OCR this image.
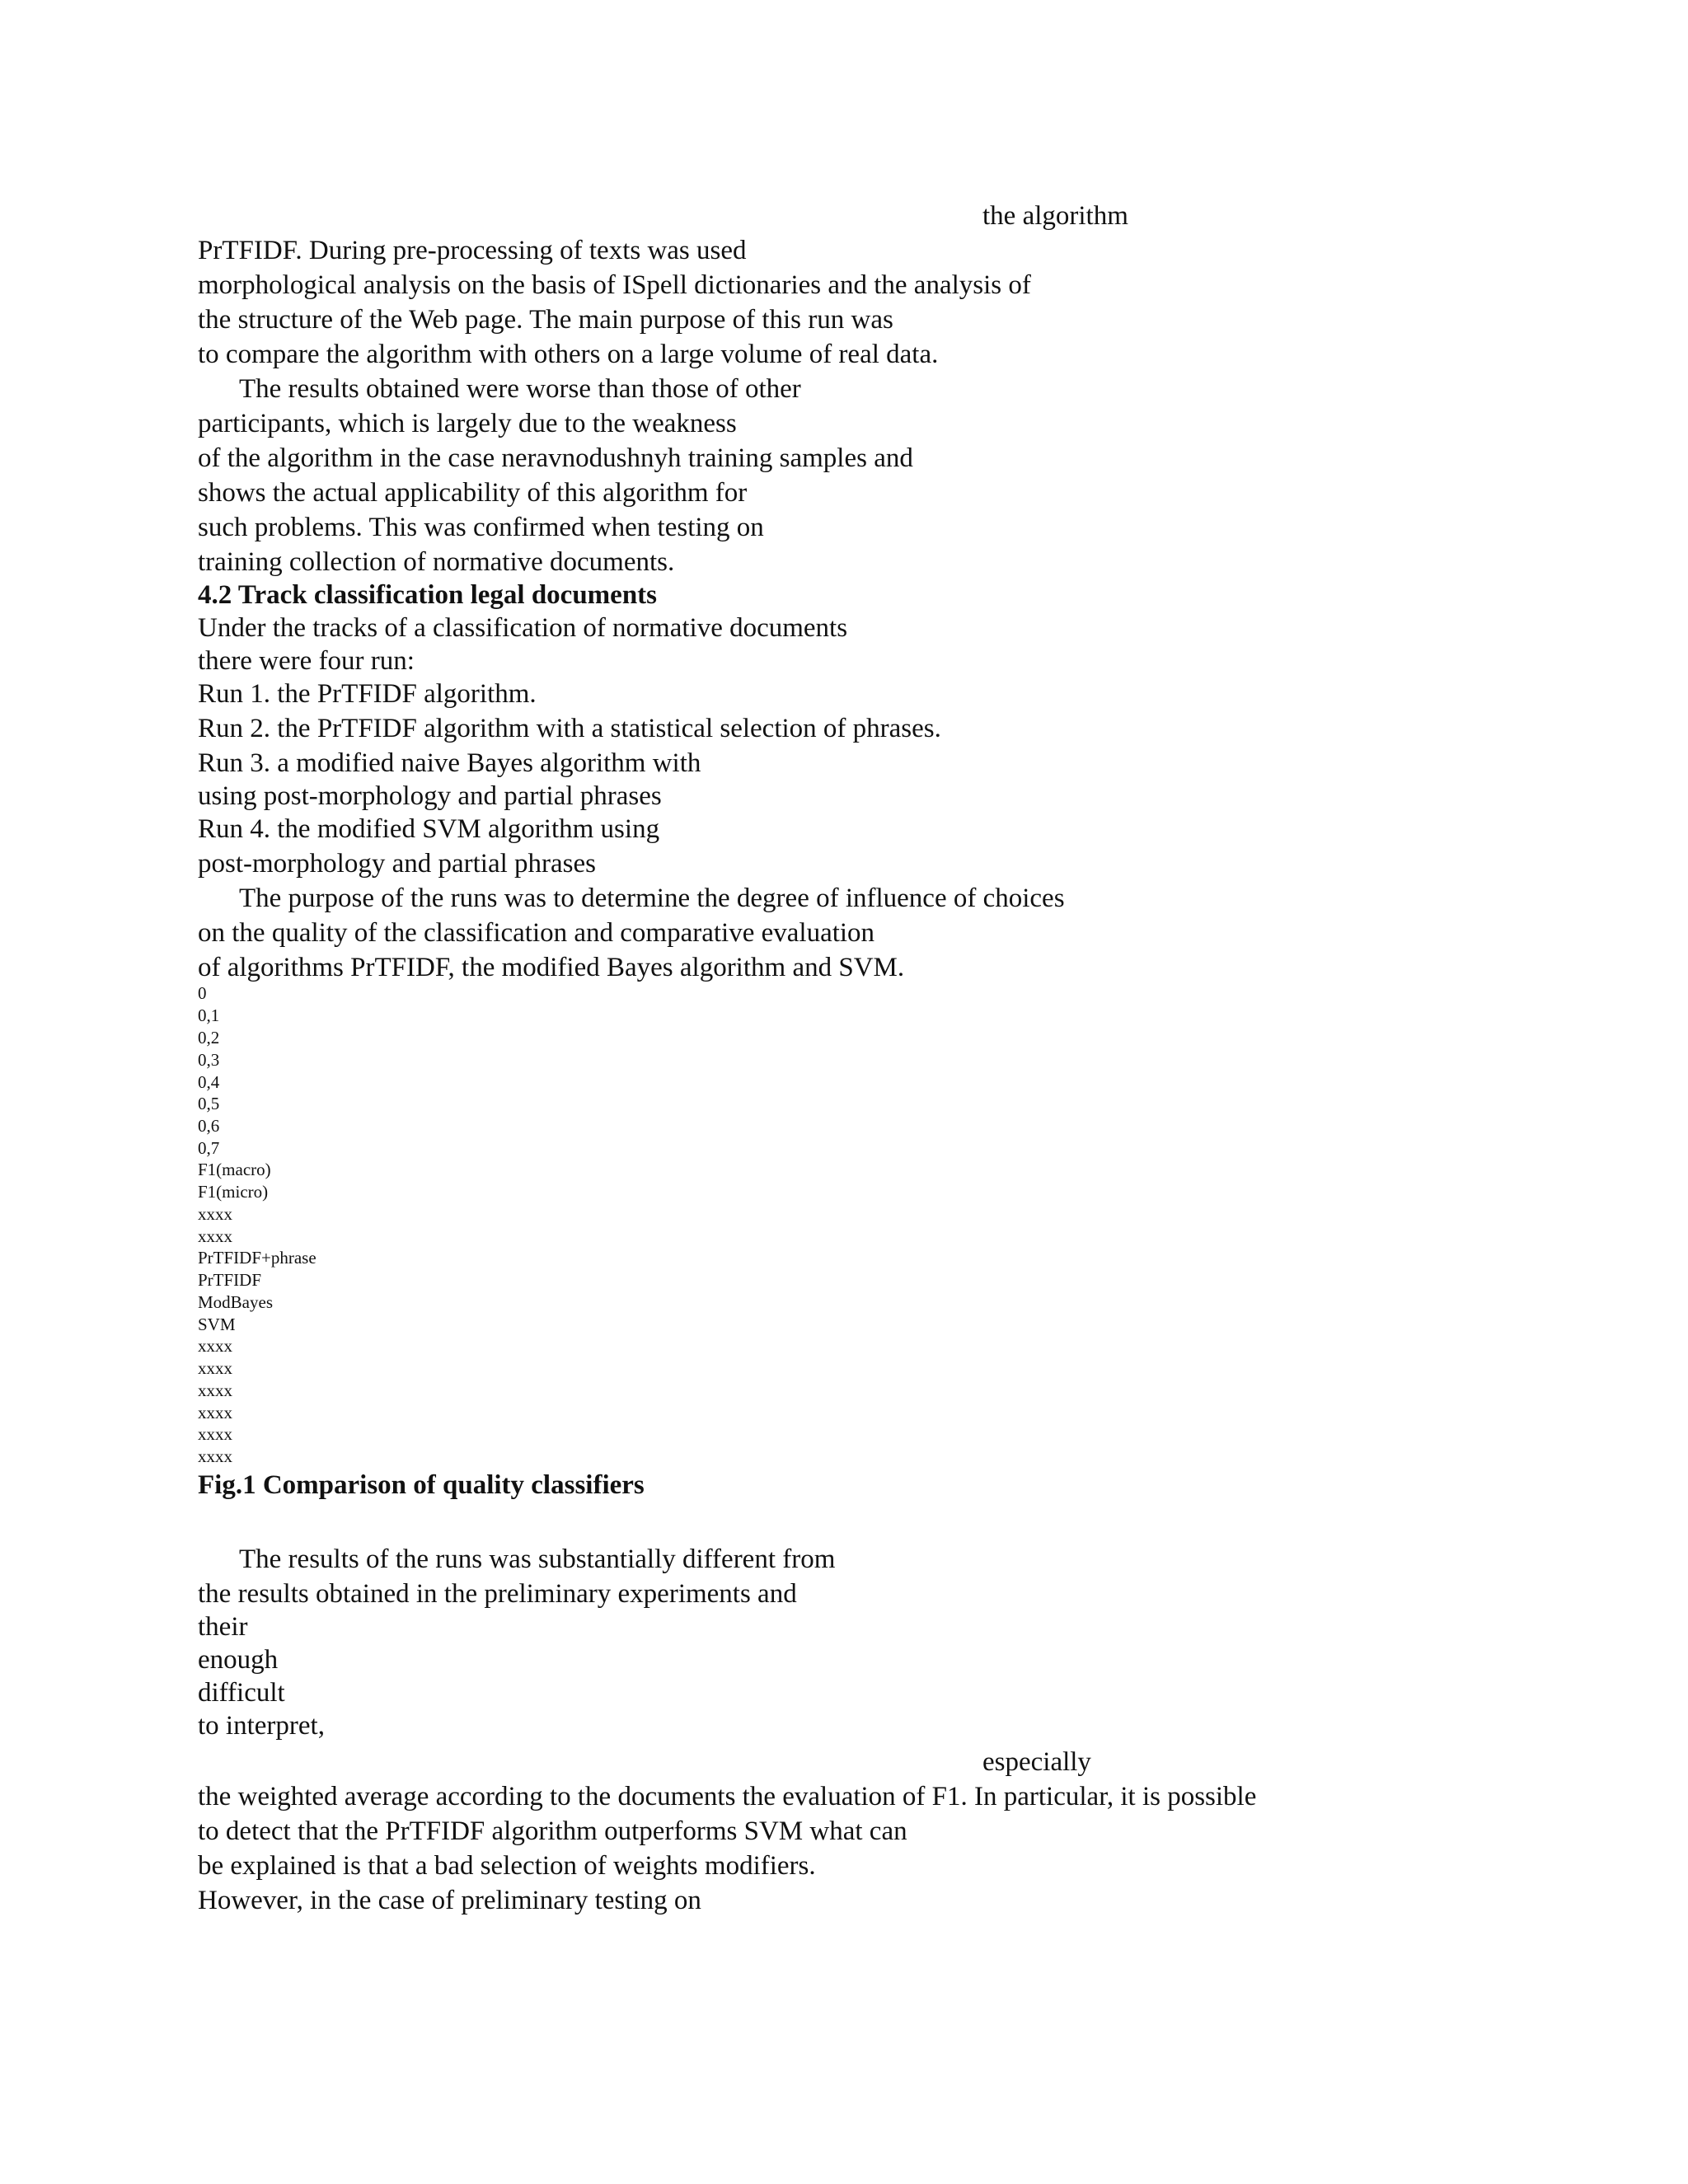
the algorithm
PrTFIDF. During pre-processing of texts was used
morphological analysis on the basis of ISpell dictionaries and the analysis of
the structure of the Web page. The main purpose of this run was
to compare the algorithm with others on a large volume of real data.
The results obtained were worse than those of other
participants, which is largely due to the weakness
of the algorithm in the case neravnodushnyh training samples and
shows the actual applicability of this algorithm for
such problems. This was confirmed when testing on
training collection of normative documents.
4.2 Track classification legal documents
Under the tracks of a classification of normative documents
there were four run:
Run 1. the PrTFIDF algorithm.
Run 2. the PrTFIDF algorithm with a statistical selection of phrases.
Run 3. a modified naive Bayes algorithm with
using post-morphology and partial phrases
Run 4. the modified SVM algorithm using
post-morphology and partial phrases
The purpose of the runs was to determine the degree of influence of choices
on the quality of the classification and comparative evaluation
of algorithms PrTFIDF, the modified Bayes algorithm and SVM.
0
0,1
0,2
0,3
0,4
0,5
0,6
0,7
F1(macro)
F1(micro)
xxxx
xxxx
PrTFIDF+phrase
PrTFIDF
ModBayes
SVM
xxxx
xxxx
xxxx
xxxx
xxxx
xxxx
Fig.1 Comparison of quality classifiers
The results of the runs was substantially different from
the results obtained in the preliminary experiments and
their
enough
difficult
to interpret,
especially
the weighted average according to the documents the evaluation of F1. In particular, it is possible
to detect that the PrTFIDF algorithm outperforms SVM what can
be explained is that a bad selection of weights modifiers.
However, in the case of preliminary testing on
